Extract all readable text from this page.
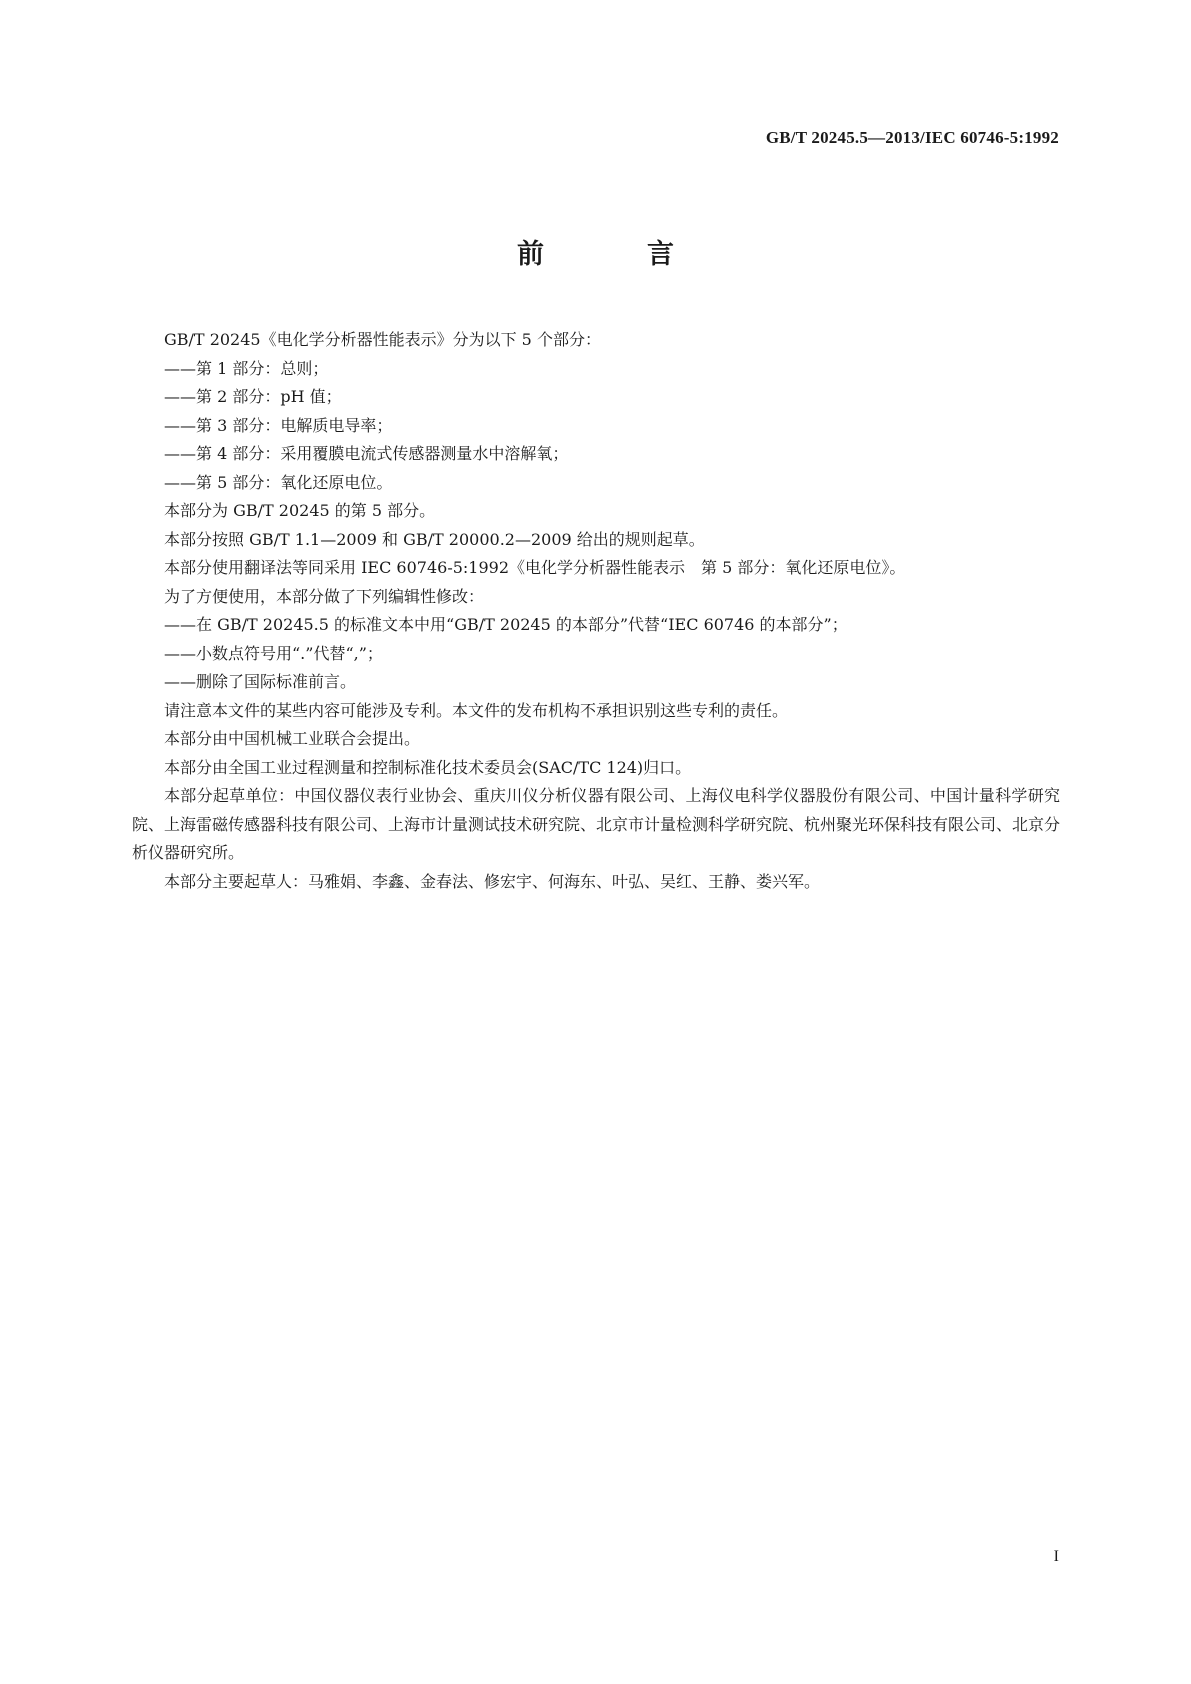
GB/T 20245.5—2013/IEC 60746-5:1992
前　言

GB/T 20245《电化学分析器性能表示》分为以下 5 个部分：

——第 1 部分：总则；

——第 2 部分：pH 值；

——第 3 部分：电解质电导率；

——第 4 部分：采用覆膜电流式传感器测量水中溶解氧；

——第 5 部分：氧化还原电位。

本部分为 GB/T 20245 的第 5 部分。

本部分按照 GB/T 1.1—2009 和 GB/T 20000.2—2009 给出的规则起草。

本部分使用翻译法等同采用 IEC 60746-5:1992《电化学分析器性能表示　第 5 部分：氧化还原电位》。

为了方便使用，本部分做了下列编辑性修改：

——在 GB/T 20245.5 的标准文本中用“GB/T 20245 的本部分”代替“IEC 60746 的本部分”；

——小数点符号用“.”代替“,”；

——删除了国际标准前言。

请注意本文件的某些内容可能涉及专利。本文件的发布机构不承担识别这些专利的责任。

本部分由中国机械工业联合会提出。

本部分由全国工业过程测量和控制标准化技术委员会(SAC/TC 124)归口。

本部分起草单位：中国仪器仪表行业协会、重庆川仪分析仪器有限公司、上海仪电科学仪器股份有限公司、中国计量科学研究院、上海雷磁传感器科技有限公司、上海市计量测试技术研究院、北京市计量检测科学研究院、杭州聚光环保科技有限公司、北京分析仪器研究所。

本部分主要起草人：马雅娟、李鑫、金春法、修宏宇、何海东、叶弘、吴红、王静、娄兴军。

I
